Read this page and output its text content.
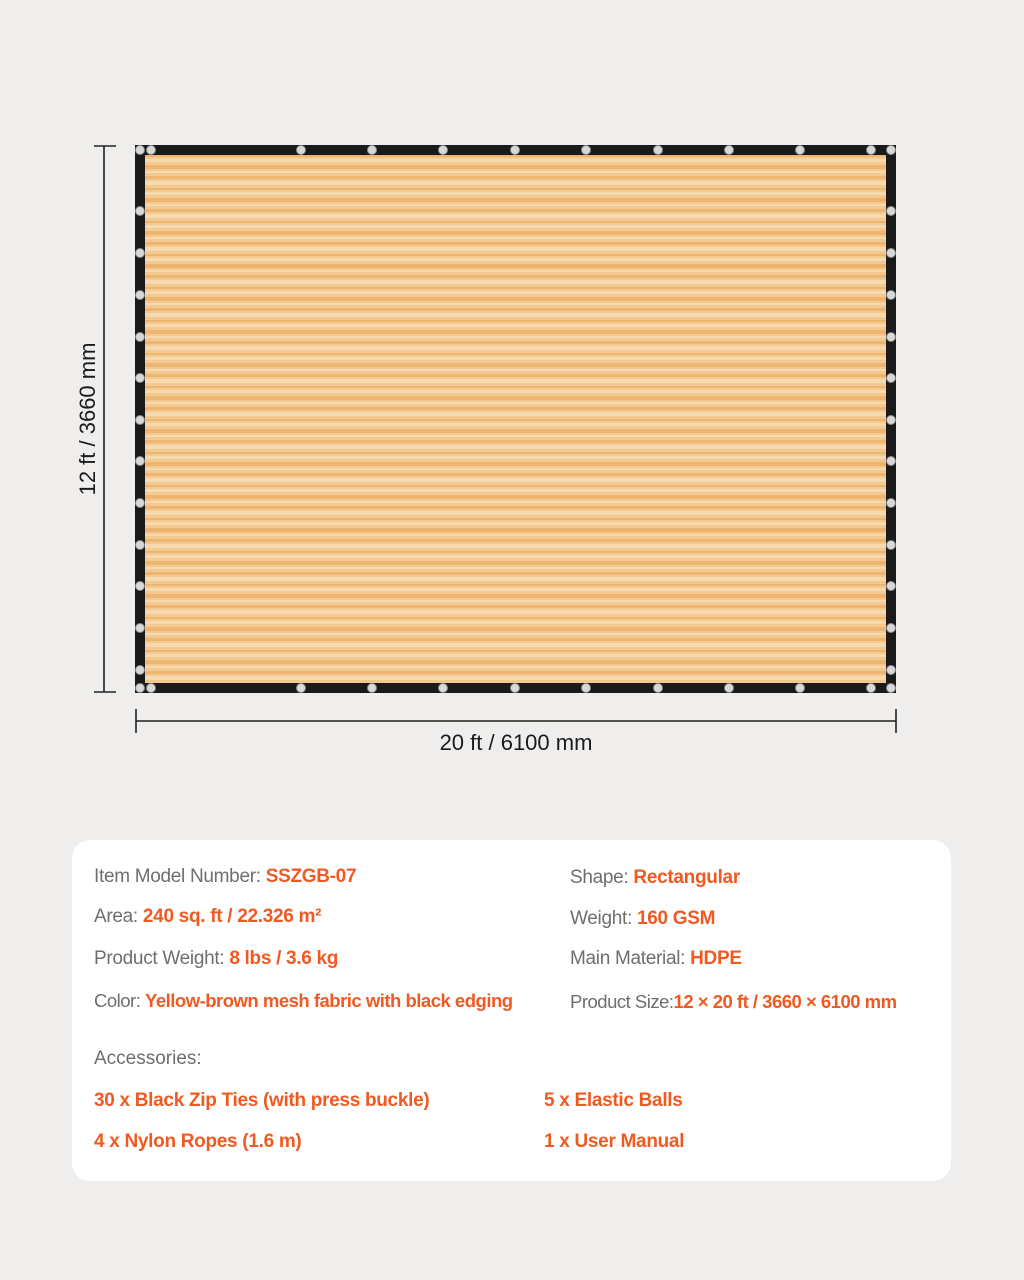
12 ft / 3660 mm
20 ft / 6100 mm
Item Model Number: SSZGB-07	Shape: Rectangular
Area: 240 sq. ft / 22.326 m²	Weight: 160 GSM
Product Weight: 8 lbs / 3.6 kg	Main Material: HDPE
Color: Yellow-brown mesh fabric with black edging	Product Size:12 × 20 ft / 3660 × 6100 mm
Accessories:
30 x Black Zip Ties (with press buckle)	5 x Elastic Balls
4 x Nylon Ropes (1.6 m)	1 x User Manual
